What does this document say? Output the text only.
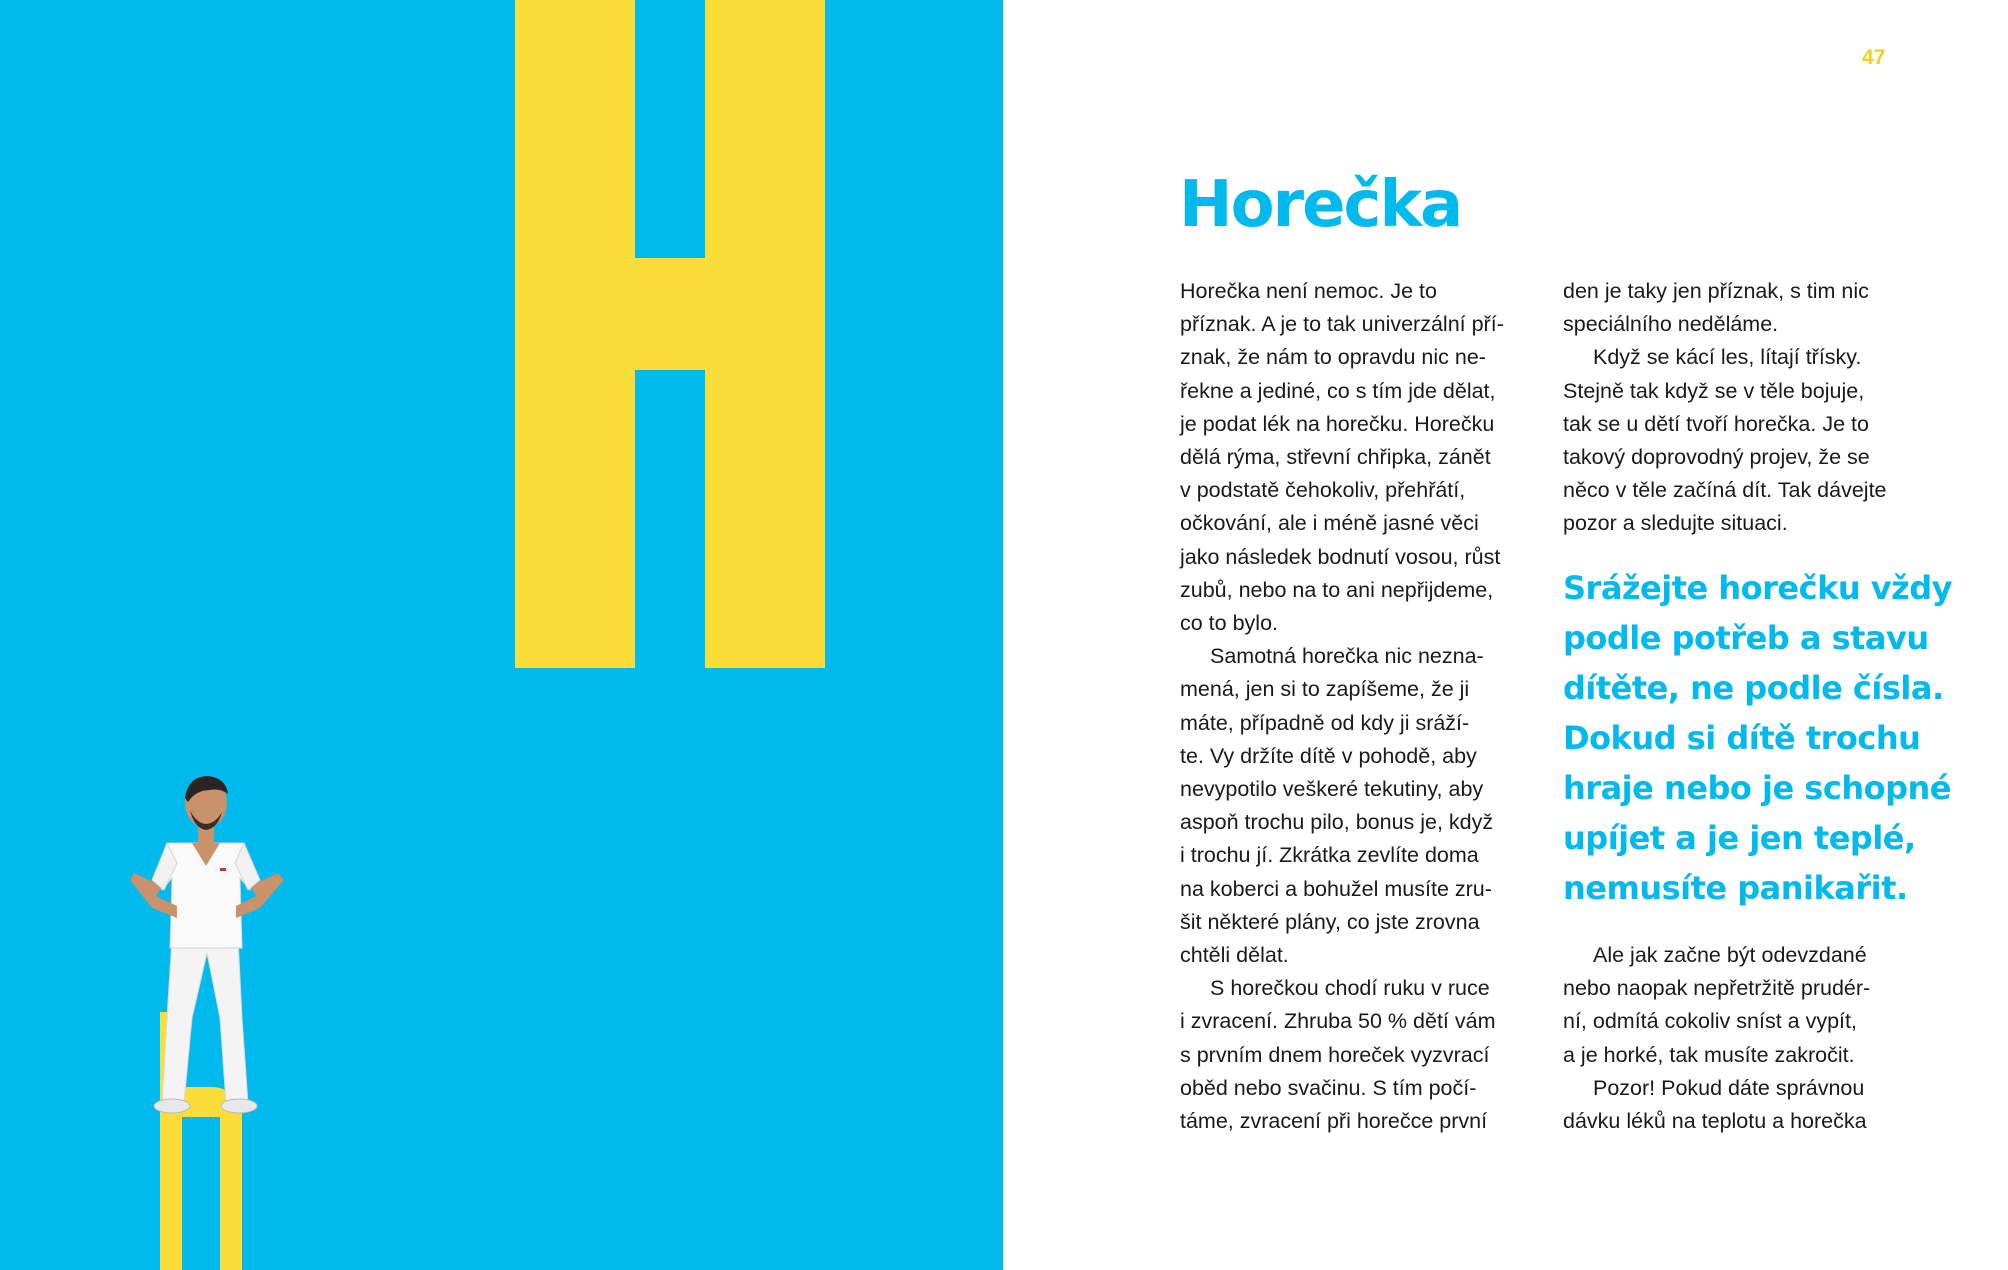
47
Horečka
Horečka není nemoc. Je to
příznak. A je to tak univerzální pří-
znak, že nám to opravdu nic ne-
řekne a jediné, co s tím jde dělat,
je podat lék na horečku. Horečku
dělá rýma, střevní chřipka, zánět
v podstatě čehokoliv, přehřátí,
očkování, ale i méně jasné věci
jako následek bodnutí vosou, růst
zubů, nebo na to ani nepřijdeme,
co to bylo.
Samotná horečka nic nezna-
mená, jen si to zapíšeme, že ji
máte, případně od kdy ji sráží-
te. Vy držíte dítě v pohodě, aby
nevypotilo veškeré tekutiny, aby
aspoň trochu pilo, bonus je, když
i trochu jí. Zkrátka zevlíte doma
na koberci a bohužel musíte zru-
šit některé plány, co jste zrovna
chtěli dělat.
S horečkou chodí ruku v ruce
i zvracení. Zhruba 50 % dětí vám
s prvním dnem horeček vyzvrací
oběd nebo svačinu. S tím počí-
táme, zvracení při horečce první
den je taky jen příznak, s tim nic
speciálního neděláme.
Když se kácí les, lítají třísky.
Stejně tak když se v těle bojuje,
tak se u dětí tvoří horečka. Je to
takový doprovodný projev, že se
něco v těle začíná dít. Tak dávejte
pozor a sledujte situaci.
Srážejte horečku vždy
podle potřeb a stavu
dítěte, ne podle čísla.
Dokud si dítě trochu
hraje nebo je schopné
upíjet a je jen teplé,
nemusíte panikařit.
Ale jak začne být odevzdané
nebo naopak nepřetržitě prudér-
ní, odmítá cokoliv sníst a vypít,
a je horké, tak musíte zakročit.
Pozor! Pokud dáte správnou
dávku léků na teplotu a horečka
